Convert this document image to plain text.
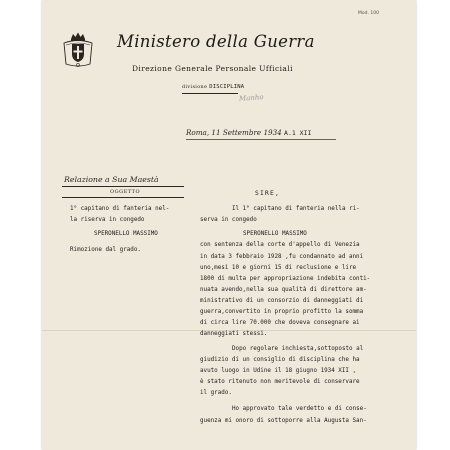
Mod. 100
Ministero della Guerra
Direzione Generale Personale Ufficiali
divisione DISCIPLINA
Manho
Roma, 11 Settembre 1934 A.1 XII
Relazione a Sua Maestà
OGGETTO
1° capitano di fanteria nel-
la riserva in congedo
SPERONELLO MASSIMO
Rimozione dal grado.
SIRE,
Il 1° capitano di fanteria nella ri-
serva in congedo
SPERONELLO MASSIMO
con sentenza della corte d'appello di Venezia
in data 3 febbraio 1928 ,fu condannato ad anni
uno,mesi 10 e giorni 15 di reclusione e lire
1800 di multa per appropriazione indebita conti-
nuata avendo,nella sua qualità di direttore am-
ministrativo di un consorzio di danneggiati di
guerra,convertito in proprio profitto la somma
di circa lire 70.000 che doveva consegnare ai
danneggiati stessi.
Dopo regolare inchiesta,sottoposto al
giudizio di un consiglio di disciplina che ha
avuto luogo in Udine il 18 giugno 1934 XII ,
è stato ritenuto non meritevole di conservare
il grado.
Ho approvato tale verdetto e di conse-
guenza mi onoro di sottoporre alla Augusta San-
